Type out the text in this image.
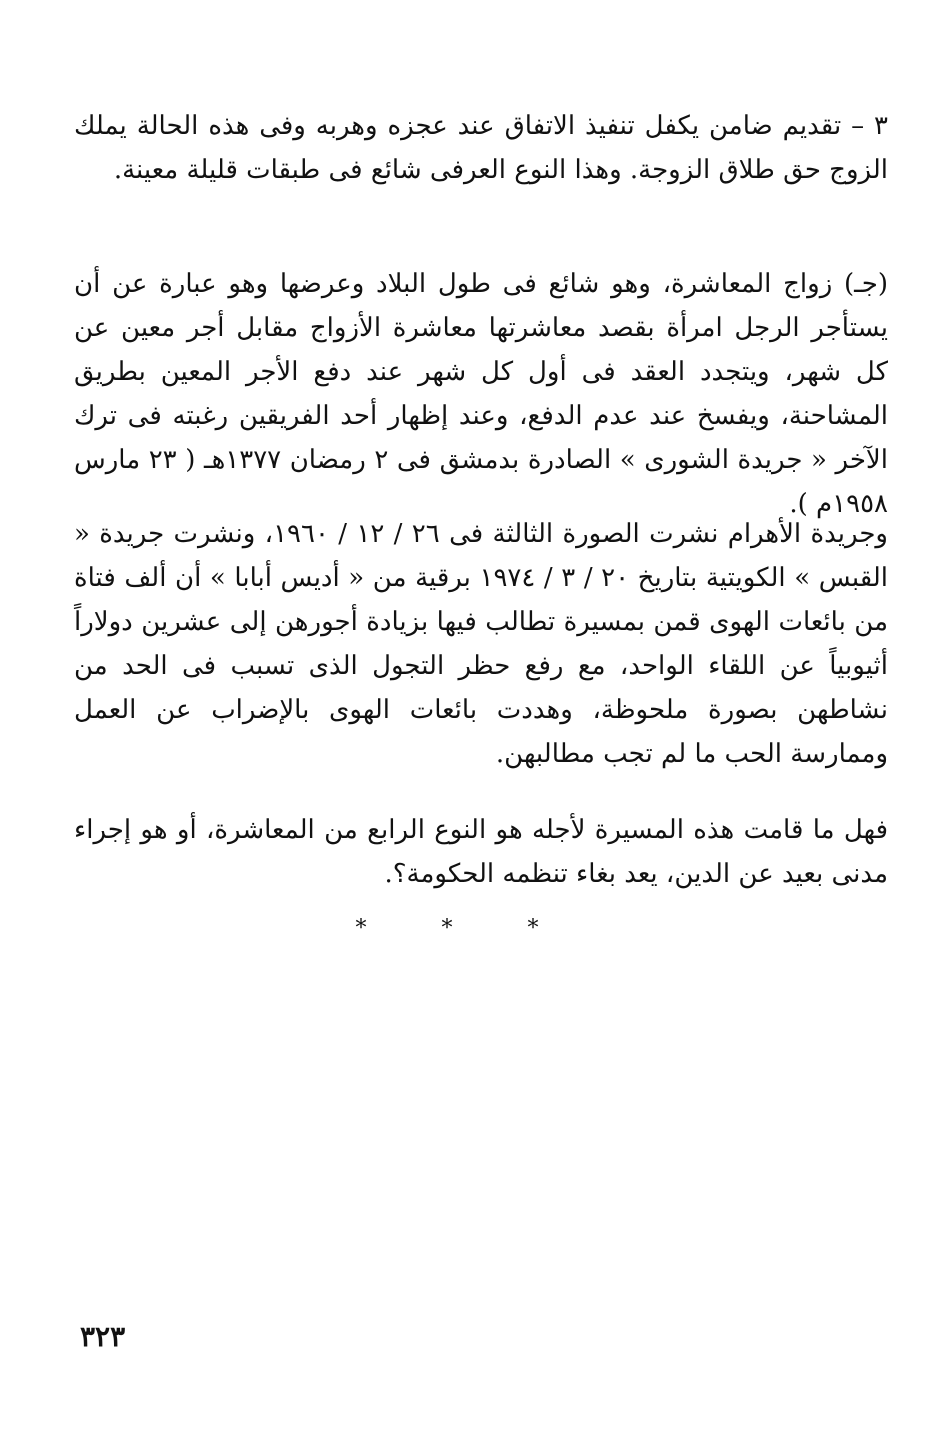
٣ – تقديم ضامن يكفل تنفيذ الاتفاق عند عجزه وهربه وفى هذه الحالة يملك الزوج حق طلاق الزوجة. وهذا النوع العرفى شائع فى طبقات قليلة معينة.

(جـ) زواج المعاشرة، وهو شائع فى طول البلاد وعرضها وهو عبارة عن أن يستأجر الرجل امرأة بقصد معاشرتها معاشرة الأزواج مقابل أجر معين عن كل شهر، ويتجدد العقد فى أول كل شهر عند دفع الأجر المعين بطريق المشاحنة، ويفسخ عند عدم الدفع، وعند إظهار أحد الفريقين رغبته فى ترك الآخر « جريدة الشورى » الصادرة بدمشق فى ٢ رمضان ١٣٧٧هـ ( ٢٣ مارس ١٩٥٨م ).

وجريدة الأهرام نشرت الصورة الثالثة فى ٢٦ / ١٢ / ١٩٦٠، ونشرت جريدة « القبس » الكويتية بتاريخ ٢٠ / ٣ / ١٩٧٤ برقية من « أديس أبابا » أن ألف فتاة من بائعات الهوى قمن بمسيرة تطالب فيها بزيادة أجورهن إلى عشرين دولاراً أثيوبياً عن اللقاء الواحد، مع رفع حظر التجول الذى تسبب فى الحد من نشاطهن بصورة ملحوظة، وهددت بائعات الهوى بالإضراب عن العمل وممارسة الحب ما لم تجب مطالبهن.

فهل ما قامت هذه المسيرة لأجله هو النوع الرابع من المعاشرة، أو هو إجراء مدنى بعيد عن الدين، يعد بغاء تنظمه الحكومة؟.

* * *
٣٢٣
